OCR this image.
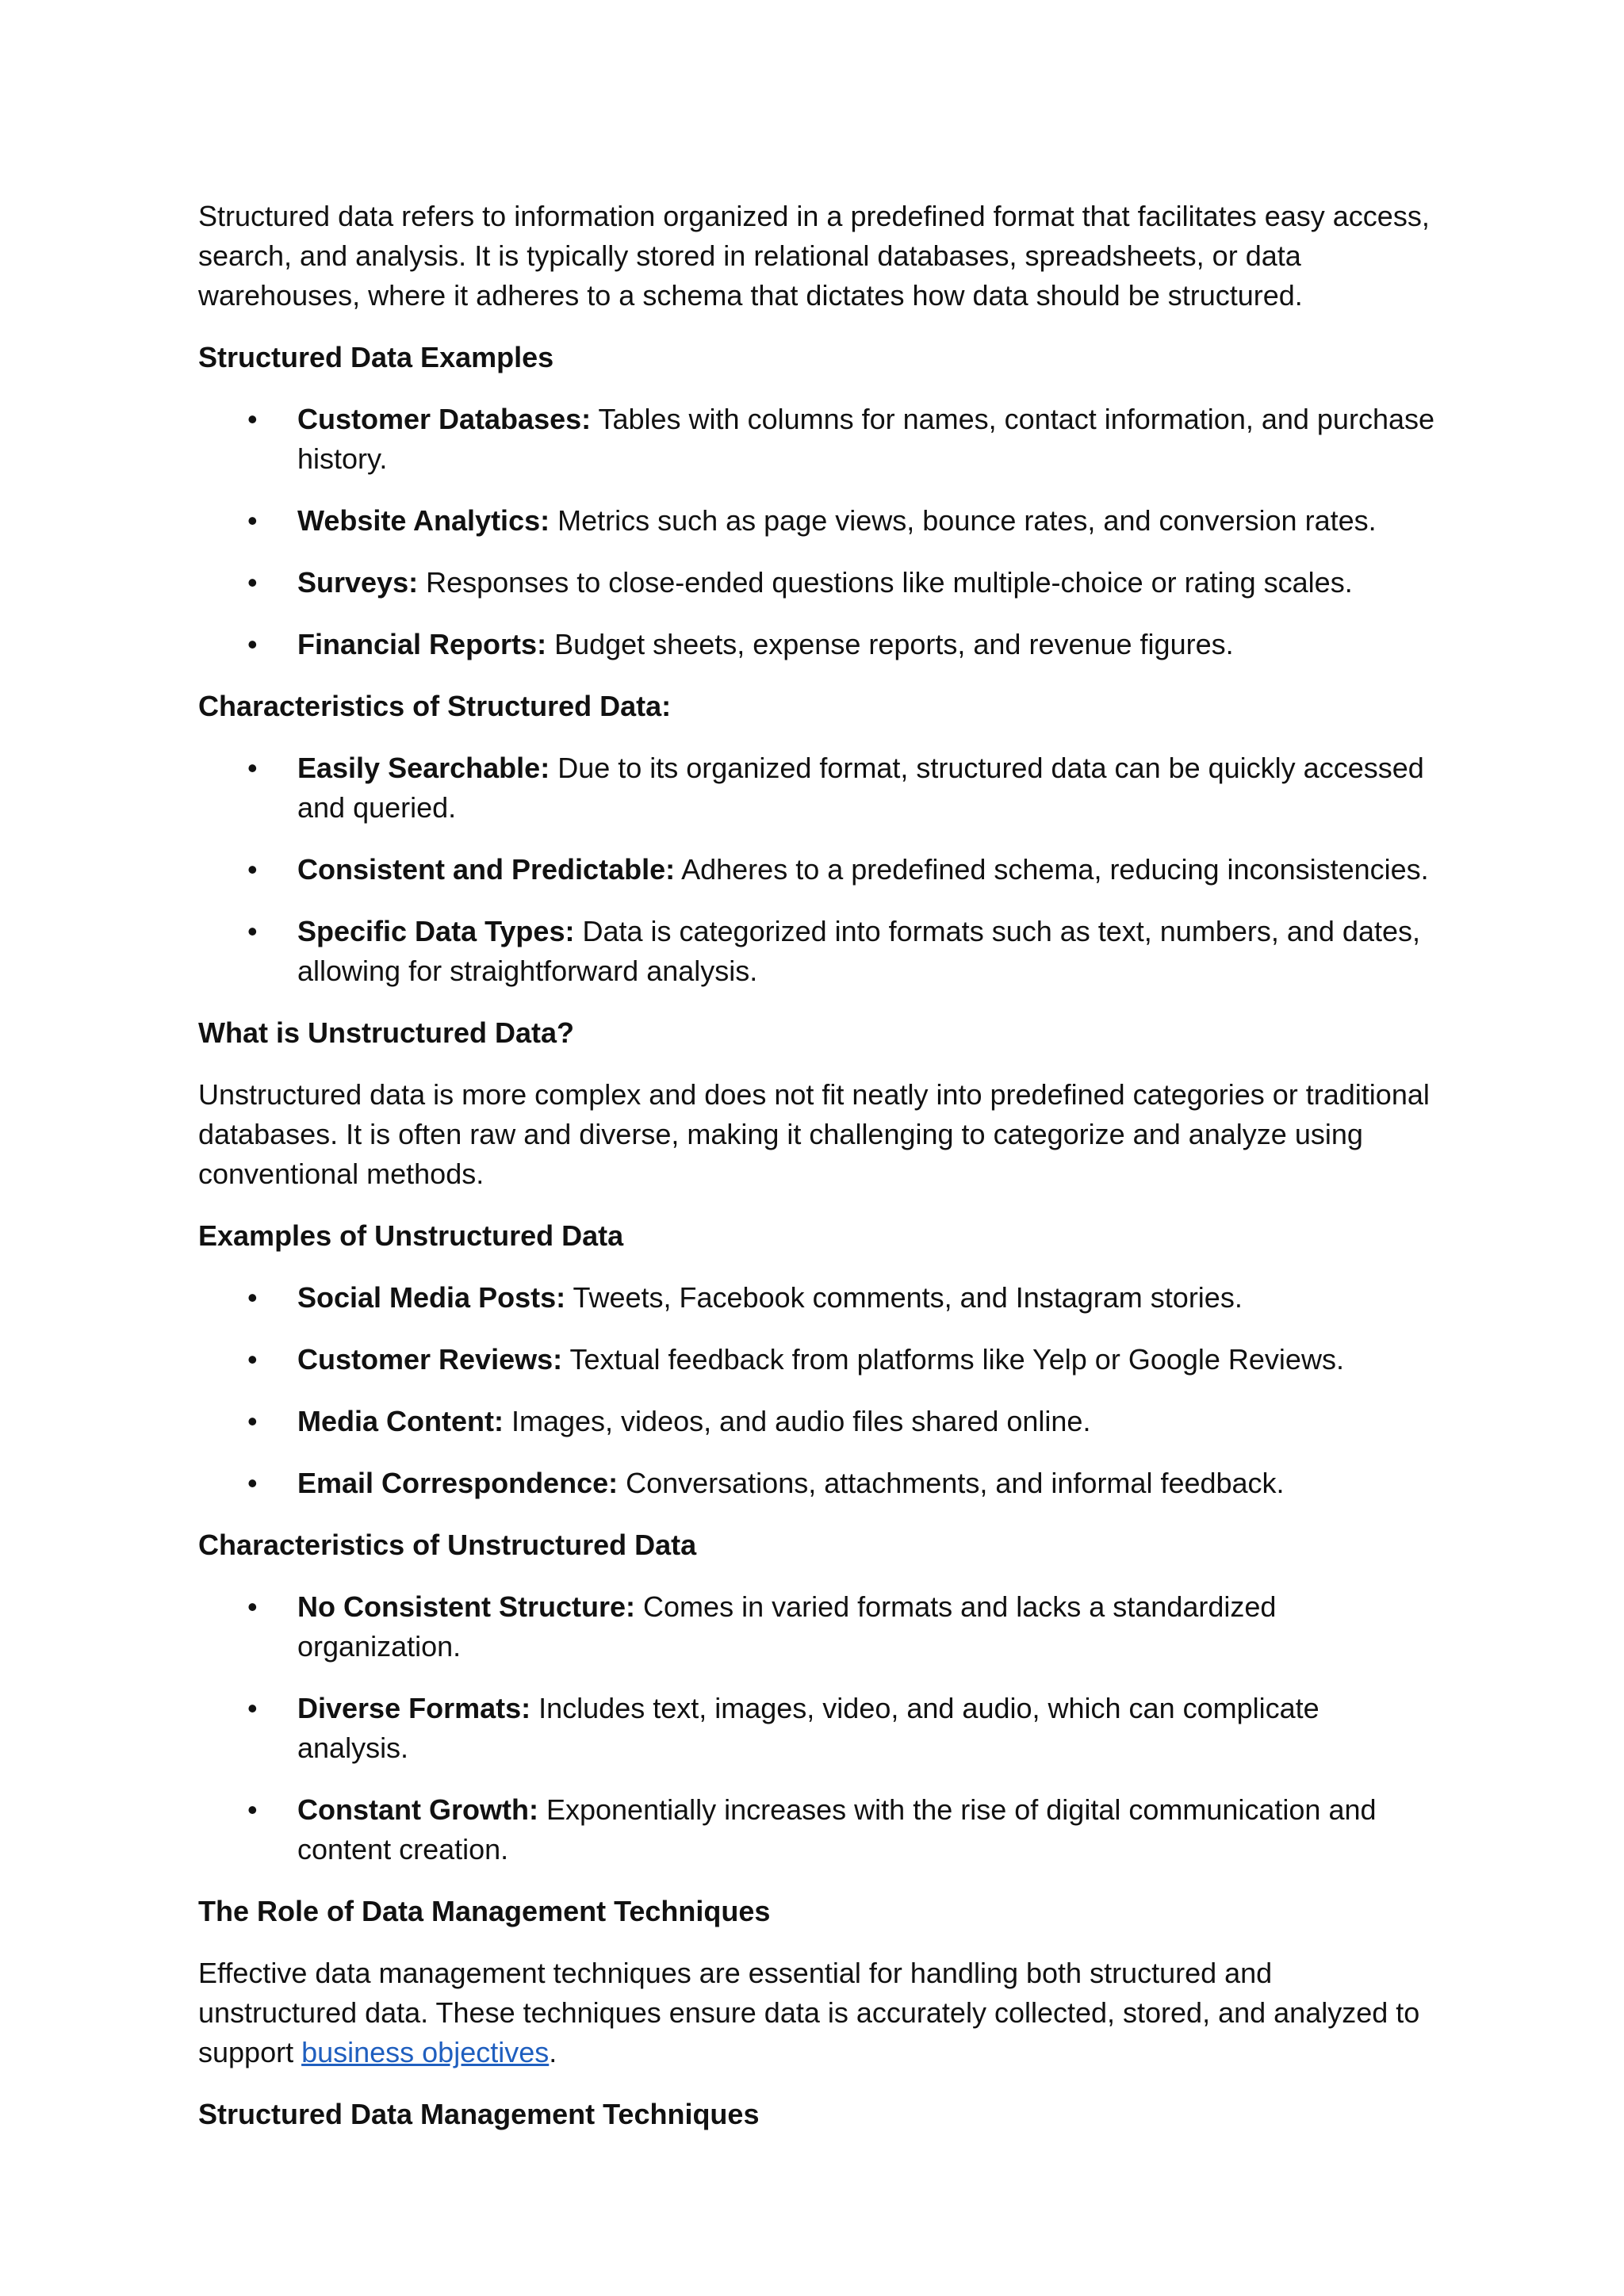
Structured data refers to information organized in a predefined format that facilitates easy access, search, and analysis. It is typically stored in relational databases, spreadsheets, or data warehouses, where it adheres to a schema that dictates how data should be structured.

Structured Data Examples
• Customer Databases: Tables with columns for names, contact information, and purchase history.
• Website Analytics: Metrics such as page views, bounce rates, and conversion rates.
• Surveys: Responses to close-ended questions like multiple-choice or rating scales.
• Financial Reports: Budget sheets, expense reports, and revenue figures.
Characteristics of Structured Data:
• Easily Searchable: Due to its organized format, structured data can be quickly accessed and queried.
• Consistent and Predictable: Adheres to a predefined schema, reducing inconsistencies.
• Specific Data Types: Data is categorized into formats such as text, numbers, and dates, allowing for straightforward analysis.
What is Unstructured Data?

Unstructured data is more complex and does not fit neatly into predefined categories or traditional databases. It is often raw and diverse, making it challenging to categorize and analyze using conventional methods.

Examples of Unstructured Data
• Social Media Posts: Tweets, Facebook comments, and Instagram stories.
• Customer Reviews: Textual feedback from platforms like Yelp or Google Reviews.
• Media Content: Images, videos, and audio files shared online.
• Email Correspondence: Conversations, attachments, and informal feedback.
Characteristics of Unstructured Data
• No Consistent Structure: Comes in varied formats and lacks a standardized organization.
• Diverse Formats: Includes text, images, video, and audio, which can complicate analysis.
• Constant Growth: Exponentially increases with the rise of digital communication and content creation.
The Role of Data Management Techniques

Effective data management techniques are essential for handling both structured and unstructured data. These techniques ensure data is accurately collected, stored, and analyzed to support business objectives.

Structured Data Management Techniques
